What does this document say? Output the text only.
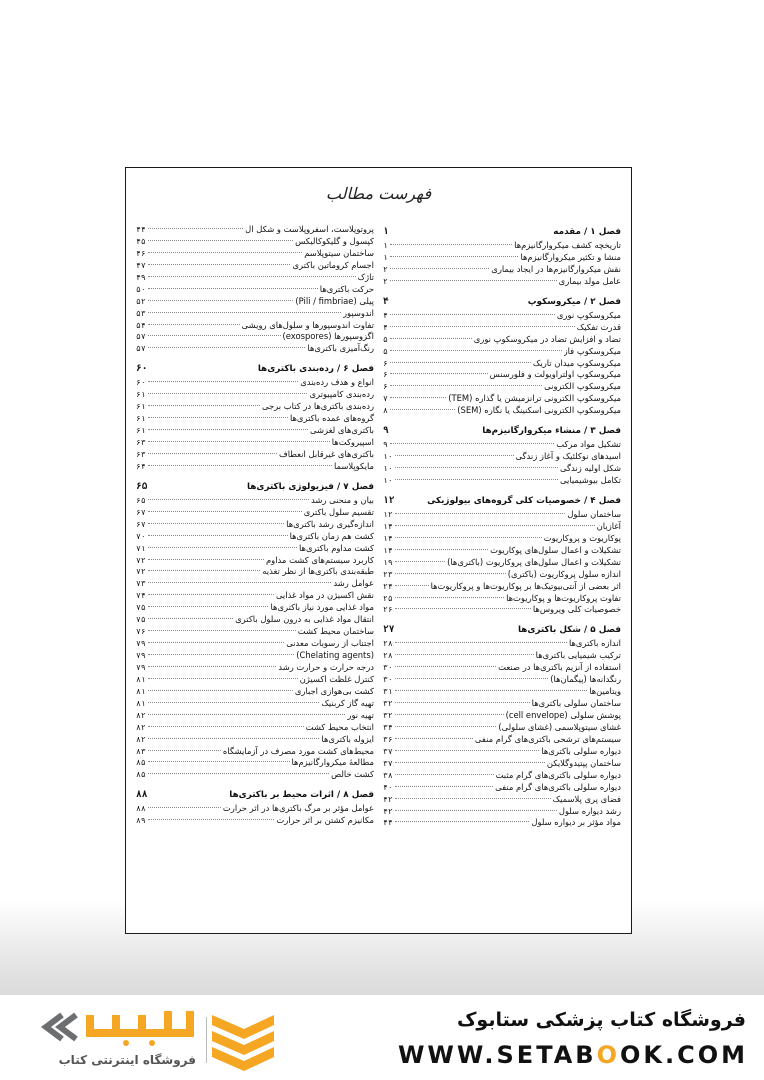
فهرست مطالب
فصل ۱ / مقدمه
۱
تاریخچه کشف میکروارگانیزم‌ها
۱
منشا و تکثیر میکروارگانیزم‌ها
۱
نقش میکروارگانیزم‌ها در ایجاد بیماری
۲
عامل مولد بیماری
۲
فصل ۲ / میکروسکوپ
۴
میکروسکوپ نوری
۴
قدرت تفکیک
۴
تضاد و افزایش تضاد در میکروسکوپ نوری
۵
میکروسکوپ فاز
۵
میکروسکوپ میدان تاریک
۶
میکروسکوپ اولتراویولت و فلورسنس
۶
میکروسکوپ الکترونی
۶
میکروسکوپ الکترونی ترانزمیشن یا گذاره (TEM)
۷
میکروسکوپ الکترونی اسکنینگ یا نگاره (SEM)
۸
فصل ۳ / منشاء میکروارگانیزم‌ها
۹
تشکیل مواد مرکب
۹
اسیدهای نوکلئیک و آغاز زندگی
۱۰
شکل اولیه زندگی
۱۰
تکامل بیوشیمیایی
۱۰
فصل ۴ / خصوصیات کلی گروه‌های بیولوژیکی
۱۲
ساختمان سلول
۱۲
آغازیان
۱۴
پوکاریوت و پروکاریوت
۱۴
تشکیلات و اعمال سلول‌های پوکاریوت
۱۴
تشکیلات و اعمال سلول‌های پروکاریوت (باکتری‌ها)
۱۹
اندازه سلول پروکاریوت (باکتری)
۲۳
اثر بعضی از آنتی‌بیوتیک‌ها بر پوکاریوت‌ها و پروکاریوت‌ها
۲۴
تفاوت پروکاریوت‌ها و پوکاریوت‌ها
۲۵
خصوصیات کلی ویروس‌ها
۲۶
فصل ۵ / شکل باکتری‌ها
۲۷
اندازه باکتری‌ها
۲۸
ترکیب شیمیایی باکتری‌ها
۲۸
استفاده از آنزیم باکتری‌ها در صنعت
۳۰
رنگدانه‌ها (پیگمان‌ها)
۳۰
ویتامین‌ها
۳۱
ساختمان سلولی باکتری‌ها
۳۲
پوشش سلولی (cell envelope)
۳۲
غشای سیتوپلاسمی (غشای سلولی)
۳۴
سیستم‌های ترشحی باکتری‌های گرام منفی
۳۶
دیواره سلولی باکتری‌ها
۳۷
ساختمان پپتیدوگلایکن
۳۷
دیواره سلولی باکتری‌های گرام مثبت
۳۸
دیواره سلولی باکتری‌های گرام منفی
۴۰
فضای پری پلاسمیک
۴۲
رشد دیواره سلول
۴۲
مواد مؤثر بر دیواره سلول
۴۴
پروتوپلاست، اسفروپلاست و شکل ال
۴۴
کپسول و گلیکوکالیکس
۴۵
ساختمان سیتوپلاسم
۴۶
اجسام کروماتین باکتری
۴۷
تاژک
۴۹
حرکت باکتری‌ها
۵۰
پیلی (Pili / fimbriae)
۵۲
اندوسپور
۵۳
تفاوت اندوسپورها و سلول‌های رویشی
۵۴
اگزوسپورها (exospores)
۵۷
رنگ‌آمیزی باکتری‌ها
۵۷
فصل ۶ / رده‌بندی باکتری‌ها
۶۰
انواع و هدف رده‌بندی
۶۰
رده‌بندی کامپیوتری
۶۱
رده‌بندی باکتری‌ها در کتاب برجی
۶۱
گروه‌های عمده باکتری‌ها
۶۱
باکتری‌های لغزشی
۶۱
اسپیروکت‌ها
۶۳
باکتری‌های غیرقابل انعطاف
۶۳
مایکوپلاسما
۶۴
فصل ۷ / فیزیولوژی باکتری‌ها
۶۵
بیان و منحنی رشد
۶۵
تقسیم سلول باکتری
۶۷
اندازه‌گیری رشد باکتری‌ها
۶۷
کشت هم زمان باکتری‌ها
۷۰
کشت مداوم باکتری‌ها
۷۱
کاربرد سیستم‌های کشت مداوم
۷۲
طبقه‌بندی باکتری‌ها از نظر تغذیه
۷۲
عوامل رشد
۷۳
نقش اکسیژن در مواد غذایی
۷۴
مواد غذایی مورد نیاز باکتری‌ها
۷۵
انتقال مواد غذایی به درون سلول باکتری
۷۵
ساختمان محیط کشت
۷۶
اجتناب از رسوبات معدنی
۷۹
(Chelating agents)
۷۹
درجه حرارت و حرارت رشد
۷۹
کنترل غلظت اکسیژن
۸۱
کشت بی‌هوازی اجباری
۸۱
تهیه گاز کربنیک
۸۱
تهیه نور
۸۲
انتخاب محیط کشت
۸۲
ایزوله باکتری‌ها
۸۲
محیط‌های کشت مورد مصرف در آزمایشگاه
۸۳
مطالعهٔ میکروارگانیزم‌ها
۸۵
کشت خالص
۸۵
فصل ۸ / اثرات محیط بر باکتری‌ها
۸۸
عوامل مؤثر بر مرگ باکتری‌ها در اثر حرارت
۸۸
مکانیزم کشتن بر اثر حرارت
۸۹
فروشگاه کتاب پزشکی ستابوک
WWW.SETABOOK.COM
فروشگاه اینترنتی کتاب
